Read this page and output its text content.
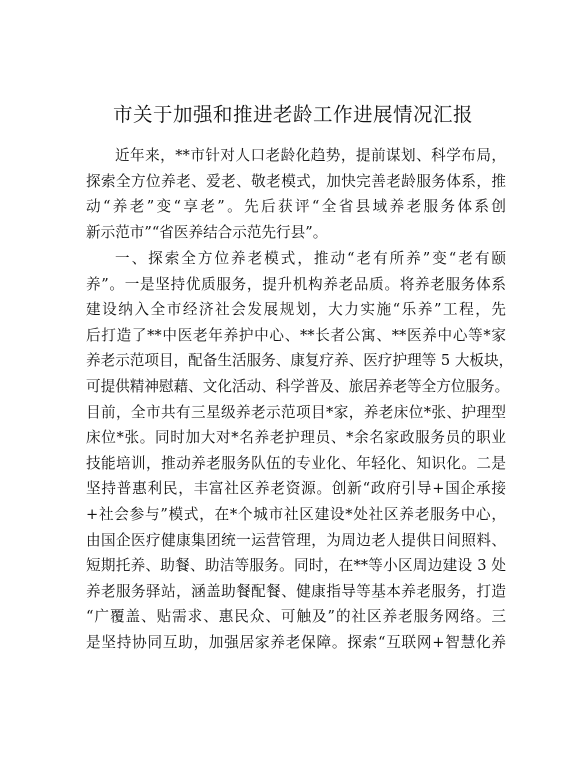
市关于加强和推进老龄工作进展情况汇报
近年来，**市针对人口老龄化趋势，提前谋划、科学布局，
探索全方位养老、爱老、敬老模式，加快完善老龄服务体系，推
动“养老”变“享老”。先后获评“全省县域养老服务体系创
新示范市”“省医养结合示范先行县”。
一、探索全方位养老模式，推动“老有所养”变“老有颐
养”。一是坚持优质服务，提升机构养老品质。将养老服务体系
建设纳入全市经济社会发展规划，大力实施“乐养”工程，先
后打造了**中医老年养护中心、**长者公寓、**医养中心等*家
养老示范项目，配备生活服务、康复疗养、医疗护理等 5 大板块，
可提供精神慰藉、文化活动、科学普及、旅居养老等全方位服务。
目前，全市共有三星级养老示范项目*家，养老床位*张、护理型
床位*张。同时加大对*名养老护理员、*余名家政服务员的职业
技能培训，推动养老服务队伍的专业化、年轻化、知识化。二是
坚持普惠利民，丰富社区养老资源。创新“政府引导+国企承接
+社会参与”模式，在*个城市社区建设*处社区养老服务中心，
由国企医疗健康集团统一运营管理，为周边老人提供日间照料、
短期托养、助餐、助洁等服务。同时，在**等小区周边建设 3 处
养老服务驿站，涵盖助餐配餐、健康指导等基本养老服务，打造
“广覆盖、贴需求、惠民众、可触及”的社区养老服务网络。三
是坚持协同互助，加强居家养老保障。探索“互联网+智慧化养
